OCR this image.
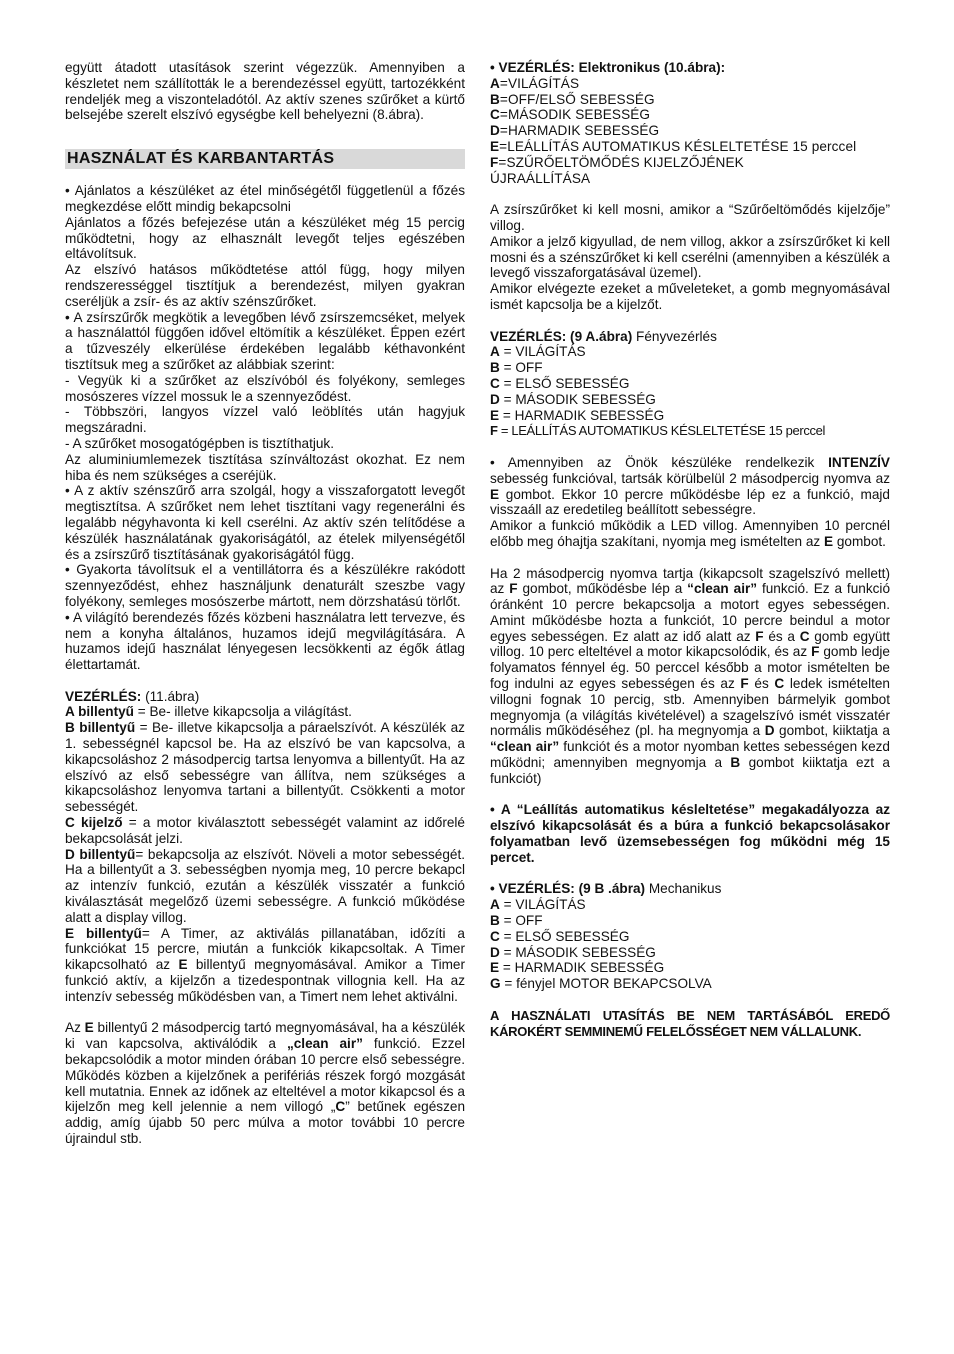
együtt átadott utasítások szerint végezzük. Amennyiben a készletet nem szállították le a berendezéssel együtt, tartozékként rendeljék meg a viszonteladótól. Az aktív szenes szűrőket a kürtő belsejébe szerelt elszívó egységbe kell behelyezni (8.ábra).

HASZNÁLAT ÉS KARBANTARTÁS

• Ajánlatos a készüléket az étel minőségétől függetlenül a főzés megkezdése előtt mindig bekapcsolni

Ajánlatos a főzés befejezése után a készüléket még 15 percig működtetni, hogy az elhasznált levegőt teljes egészében eltávolítsuk.

Az elszívó hatásos működtetése attól függ, hogy milyen rendszerességgel tisztítjuk a berendezést, milyen gyakran cseréljük a zsír- és az aktív szénszűrőket.

• A zsírszűrők megkötik a levegőben lévő zsírszemcséket, melyek a használattól függően idővel eltömítik a készüléket. Éppen ezért a tűzveszély elkerülése érdekében legalább kéthavonként tisztítsuk meg a szűrőket az alábbiak szerint:

- Vegyük ki a szűrőket az elszívóból és folyékony, semleges mosószeres vízzel mossuk le a szennyeződést.

- Többszöri, langyos vízzel való leöblítés után hagyjuk megszáradni.

- A szűrőket mosogatógépben is tisztíthatjuk.

Az aluminiumlemezek tisztítása színváltozást okozhat. Ez nem hiba és nem szükséges a cseréjük.

• A z aktív szénszűrő arra szolgál, hogy a visszaforgatott levegőt megtisztítsa. A szűrőket nem lehet tisztítani vagy regenerálni és legalább négyhavonta ki kell cserélni. Az aktív szén telítődése a készülék használatának gyakoriságától, az ételek milyenségétől és a zsírszűrő tisztításának gyakoriságától függ.

• Gyakorta távolítsuk el a ventillátorra és a készülékre rakódott szennyeződést, ehhez használjunk denaturált szeszbe vagy folyékony, semleges mosószerbe mártott, nem dörzshatású törlőt.

• A világító berendezés főzés közbeni használatra lett tervezve, és nem a konyha általános, huzamos idejű megvilágítására. A huzamos idejű használat lényegesen lecsökkenti az égők átlag élettartamát.

VEZÉRLÉS: (11.ábra)

A billentyű = Be- illetve kikapcsolja a világítást.

B billentyű = Be- illetve kikapcsolja a páraelszívót. A készülék az 1. sebességnél kapcsol be. Ha az elszívó be van kapcsolva, a kikapcsoláshoz 2 másodpercig tartsa lenyomva a billentyűt. Ha az elszívó az első sebességre van állítva, nem szükséges a kikapcsoláshoz lenyomva tartani a billentyűt. Csökkenti a motor sebességét.

C kijelző = a motor kiválasztott sebességét valamint az időrelé bekapcsolását jelzi.

D billentyű= bekapcsolja az elszívót. Növeli a motor sebességét. Ha a billentyűt a 3. sebességben nyomja meg, 10 percre bekapcl az intenzív funkció, ezután a készülék visszatér a funkció kiválasztását megelőző üzemi sebességre. A funkció működése alatt a display villog.

E billentyű= A Timer, az aktiválás pillanatában, időzíti a funkciókat 15 percre, miután a funkciók kikapcsoltak. A Timer kikapcsolható az E billentyű megnyomásával. Amikor a Timer funkció aktív, a kijelzőn a tizedespontnak villognia kell. Ha az intenzív sebesség működésben van, a Timert nem lehet aktiválni.

Az E billentyű 2 másodpercig tartó megnyomásával, ha a készülék ki van kapcsolva, aktiválódik a „clean air” funkció. Ezzel bekapcsolódik a motor minden órában 10 percre első sebességre. Működés közben a kijelzőnek a perifériás részek forgó mozgását kell mutatnia. Ennek az időnek az elteltével a motor kikapcsol és a kijelzőn meg kell jelennie a nem villogó „C” betűnek egészen addig, amíg újabb 50 perc múlva a motor további 10 percre újraindul stb.

• VEZÉRLÉS: Elektronikus (10.ábra):

A=VILÁGÍTÁS

B=OFF/ELSŐ SEBESSÉG

C=MÁSODIK SEBESSÉG

D=HARMADIK SEBESSÉG

E=LEÁLLÍTÁS AUTOMATIKUS KÉSLELTETÉSE 15 perccel

F=SZŰRŐELTÖMŐDÉS KIJELZŐJÉNEK ÚJRAÁLLÍTÁSA

A zsírszűrőket ki kell mosni, amikor a “Szűrőeltömődés kijelzője” villog.

Amikor a jelző kigyullad, de nem villog, akkor a zsírszűrőket ki kell mosni és a szénszűrőket ki kell cserélni (amennyiben a készülék a levegő visszaforgatásával üzemel).

Amikor elvégezte ezeket a műveleteket, a gomb megnyomásával ismét kapcsolja be a kijelzőt.

VEZÉRLÉS: (9 A.ábra) Fényvezérlés

A = VILÁGÍTÁS

B = OFF

C = ELSŐ SEBESSÉG

D = MÁSODIK SEBESSÉG

E = HARMADIK SEBESSÉG

F = LEÁLLÍTÁS AUTOMATIKUS KÉSLELTETÉSE 15 perccel

• Amennyiben az Önök készüléke rendelkezik INTENZÍV sebesség funkcióval, tartsák körülbelül 2 másodpercig nyomva az E gombot. Ekkor 10 percre működésbe lép ez a funkció, majd visszaáll az eredetileg beállított sebességre.

Amikor a funkció működik a LED villog. Amennyiben 10 percnél előbb meg óhajtja szakítani, nyomja meg ismételten az E gombot.

Ha 2 másodpercig nyomva tartja (kikapcsolt szagelszívó mellett) az F gombot, működésbe lép a “clean air” funkció. Ez a funkció óránként 10 percre bekapcsolja a motort egyes sebességen. Amint működésbe hozta a funkciót, 10 percre beindul a motor egyes sebességen. Ez alatt az idő alatt az F és a C gomb együtt villog. 10 perc elteltével a motor kikapcsolódik, és az F gomb ledje folyamatos fénnyel ég. 50 perccel később a motor ismételten be fog indulni az egyes sebességen és az F és C ledek ismételten villogni fognak 10 percig, stb. Amennyiben bármelyik gombot megnyomja (a világítás kivételével) a szagelszívó ismét visszatér normális működéséhez (pl. ha megnyomja a D gombot, kiiktatja a “clean air” funkciót és a motor nyomban kettes sebességen kezd működni; amennyiben megnyomja a B gombot kiiktatja ezt a funkciót)

• A “Leállítás automatikus késleltetése” megakadályozza az elszívó kikapcsolását és a búra a funkció bekapcsolásakor folyamatban levő üzemsebességen fog működni még 15 percet.

• VEZÉRLÉS: (9 B .ábra) Mechanikus

A = VILÁGÍTÁS

B = OFF

C = ELSŐ SEBESSÉG

D = MÁSODIK SEBESSÉG

E = HARMADIK SEBESSÉG

G = fényjel MOTOR BEKAPCSOLVA

A HASZNÁLATI UTASÍTÁS BE NEM TARTÁSÁBÓL EREDŐ KÁROKÉRT SEMMINEMŰ FELELŐSSÉGET NEM VÁLLALUNK.
